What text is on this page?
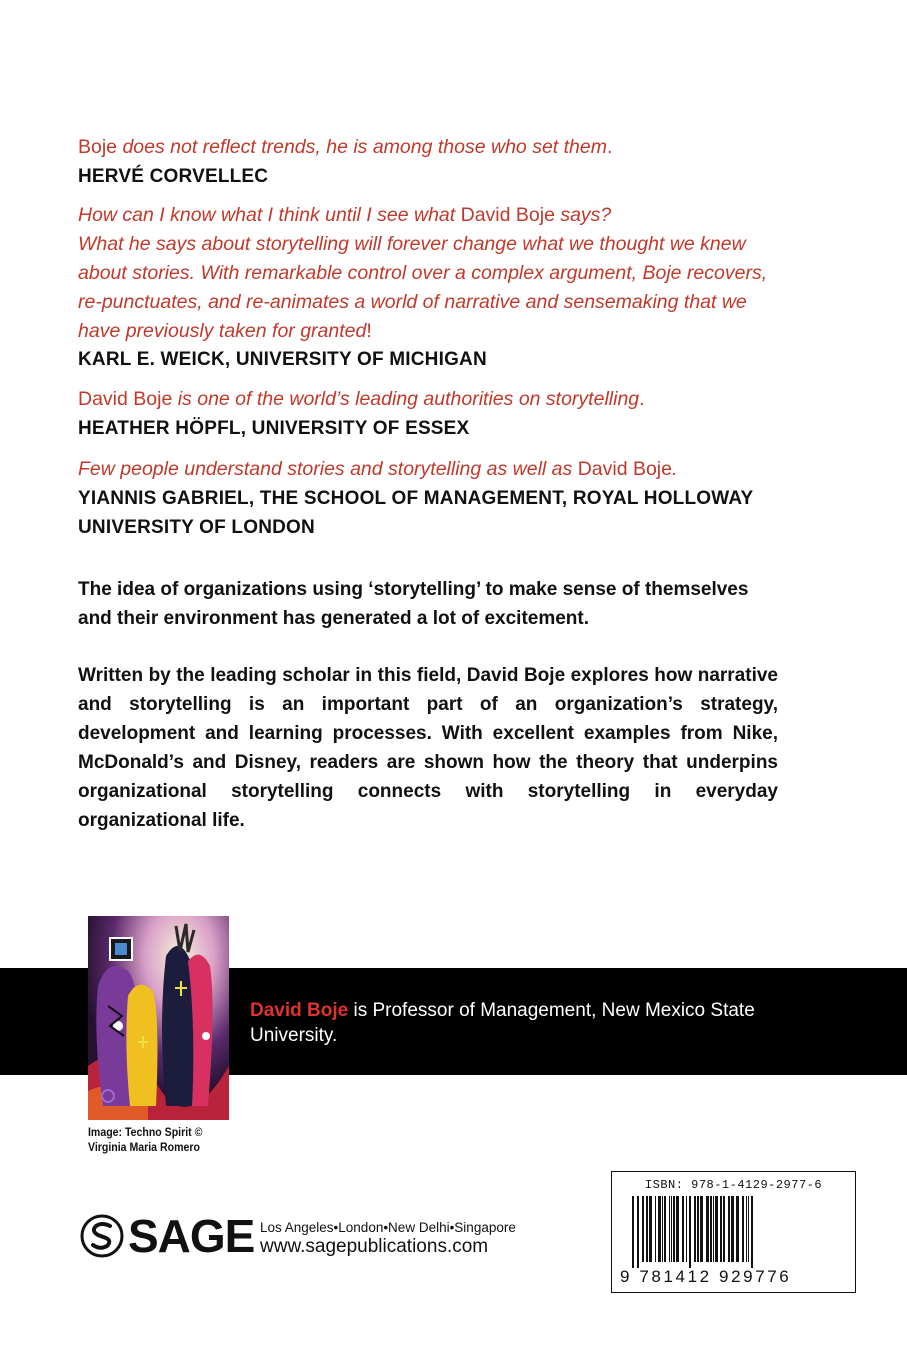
Boje does not reflect trends, he is among those who set them.
HERVÉ CORVELLEC
How can I know what I think until I see what David Boje says?
What he says about storytelling will forever change what we thought we knew
about stories. With remarkable control over a complex argument, Boje recovers,
re-punctuates, and re-animates a world of narrative and sensemaking that we
have previously taken for granted!
KARL E. WEICK, UNIVERSITY OF MICHIGAN
David Boje is one of the world’s leading authorities on storytelling.
HEATHER HÖPFL, UNIVERSITY OF ESSEX
Few people understand stories and storytelling as well as David Boje.
YIANNIS GABRIEL, THE SCHOOL OF MANAGEMENT, ROYAL HOLLOWAY
UNIVERSITY OF LONDON
The idea of organizations using ‘storytelling’ to make sense of themselves and their environment has generated a lot of excitement.
Written by the leading scholar in this field, David Boje explores how narrative and storytelling is an important part of an organization’s strategy, development and learning processes. With excellent examples from Nike, McDonald’s and Disney, readers are shown how the theory that underpins organizational storytelling connects with storytelling in everyday organizational life.
David Boje is Professor of Management, New Mexico State University.
Image: Techno Spirit ©
Virginia Maria Romero
SAGE Los Angeles•London•New Delhi•Singapore
www.sagepublications.com
ISBN: 978-1-4129-2977-6
9 781412 929776
